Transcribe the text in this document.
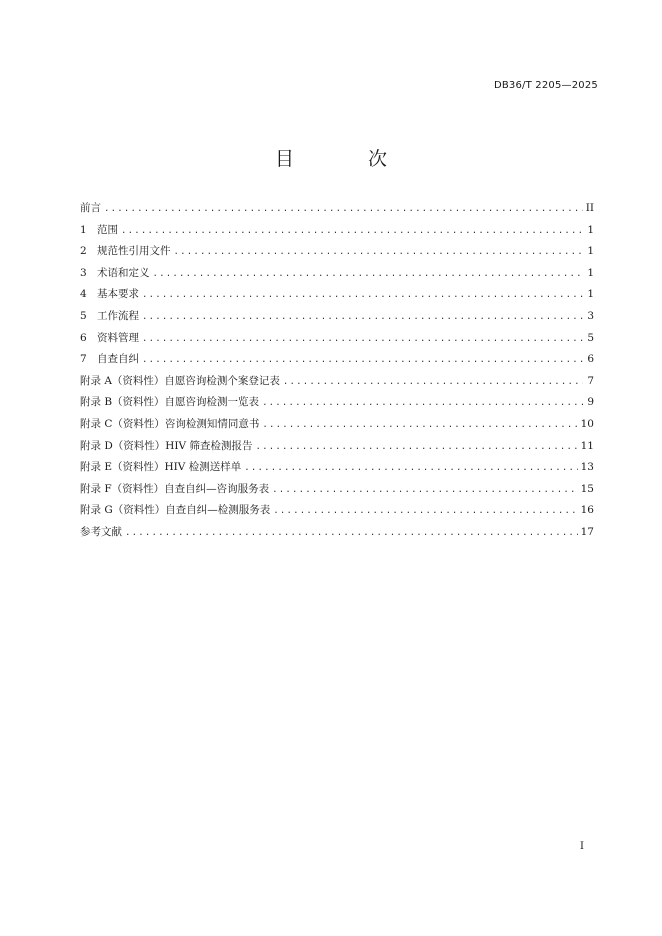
DB36/T 2205—2025
目 次
前言 .....	II
1 范围 .....	1
2 规范性引用文件 .....	1
3 术语和定义 .....	1
4 基本要求 .....	1
5 工作流程 .....	3
6 资料管理 .....	5
7 自查自纠 .....	6
附录 A（资料性）自愿咨询检测个案登记表 .....	7
附录 B（资料性）自愿咨询检测一览表 .....	9
附录 C（资料性）咨询检测知情同意书 .....	10
附录 D（资料性）HIV 筛查检测报告 .....	11
附录 E（资料性）HIV 检测送样单 .....	13
附录 F（资料性）自查自纠—咨询服务表 .....	15
附录 G（资料性）自查自纠—检测服务表 .....	16
参考文献 .....	17
I
